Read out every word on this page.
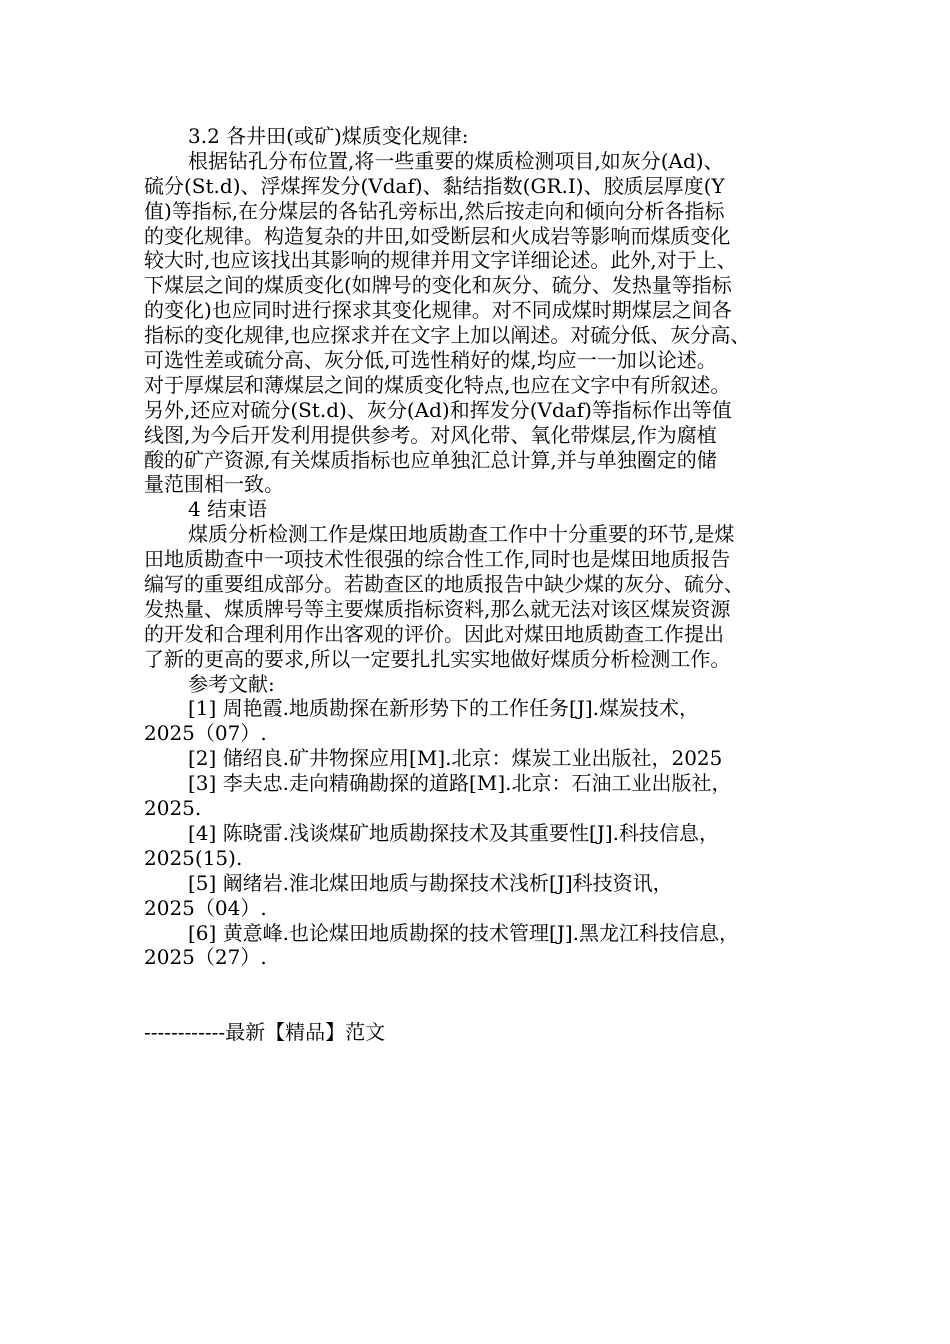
3.2 各井田(或矿)煤质变化规律:
根据钻孔分布位置,将一些重要的煤质检测项目,如灰分(Ad)、
硫分(St.d)、浮煤挥发分(Vdaf)、黏结指数(GR.I)、胶质层厚度(Y
值)等指标,在分煤层的各钻孔旁标出,然后按走向和倾向分析各指标
的变化规律。构造复杂的井田,如受断层和火成岩等影响而煤质变化
较大时,也应该找出其影响的规律并用文字详细论述。此外,对于上、
下煤层之间的煤质变化(如牌号的变化和灰分、硫分、发热量等指标
的变化)也应同时进行探求其变化规律。对不同成煤时期煤层之间各
指标的变化规律,也应探求并在文字上加以阐述。对硫分低、灰分高、
可选性差或硫分高、灰分低,可选性稍好的煤,均应一一加以论述。
对于厚煤层和薄煤层之间的煤质变化特点,也应在文字中有所叙述。
另外,还应对硫分(St.d)、灰分(Ad)和挥发分(Vdaf)等指标作出等值
线图,为今后开发利用提供参考。对风化带、氧化带煤层,作为腐植
酸的矿产资源,有关煤质指标也应单独汇总计算,并与单独圈定的储
量范围相一致。
4 结束语
煤质分析检测工作是煤田地质勘查工作中十分重要的环节,是煤
田地质勘查中一项技术性很强的综合性工作,同时也是煤田地质报告
编写的重要组成部分。若勘查区的地质报告中缺少煤的灰分、硫分、
发热量、煤质牌号等主要煤质指标资料,那么就无法对该区煤炭资源
的开发和合理利用作出客观的评价。因此对煤田地质勘查工作提出
了新的更高的要求,所以一定要扎扎实实地做好煤质分析检测工作。
参考文献:
[1] 周艳霞.地质勘探在新形势下的工作任务[J].煤炭技术，
2025（07）.
[2] 储绍良.矿井物探应用[M].北京：煤炭工业出版社，2025
[3] 李夫忠.走向精确勘探的道路[M].北京：石油工业出版社，
2025.
[4] 陈晓雷.浅谈煤矿地质勘探技术及其重要性[J].科技信息，
2025(15).
[5] 阚绪岩.淮北煤田地质与勘探技术浅析[J]科技资讯，
2025（04）.
[6] 黄意峰.也论煤田地质勘探的技术管理[J].黑龙江科技信息，
2025（27）.
------------最新【精品】范文
